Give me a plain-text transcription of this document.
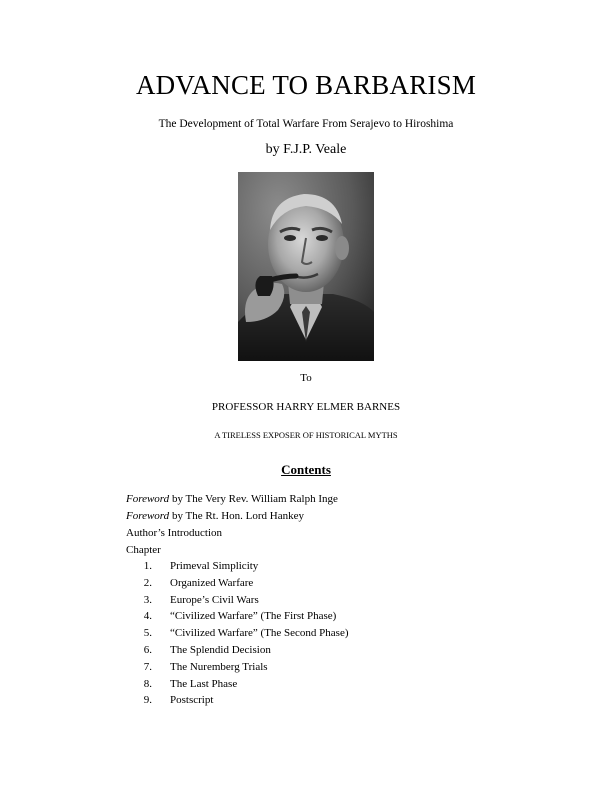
ADVANCE TO BARBARISM
The Development of Total Warfare From Serajevo to Hiroshima
by F.J.P. Veale
To
PROFESSOR HARRY ELMER BARNES
A TIRELESS EXPOSER OF HISTORICAL MYTHS
Contents
Foreword by The Very Rev. William Ralph Inge
Foreword by The Rt. Hon. Lord Hankey
Author’s Introduction
Chapter
1. Primeval Simplicity
2. Organized Warfare
3. Europe’s Civil Wars
4. “Civilized Warfare” (The First Phase)
5. “Civilized Warfare” (The Second Phase)
6. The Splendid Decision
7. The Nuremberg Trials
8. The Last Phase
9. Postscript
